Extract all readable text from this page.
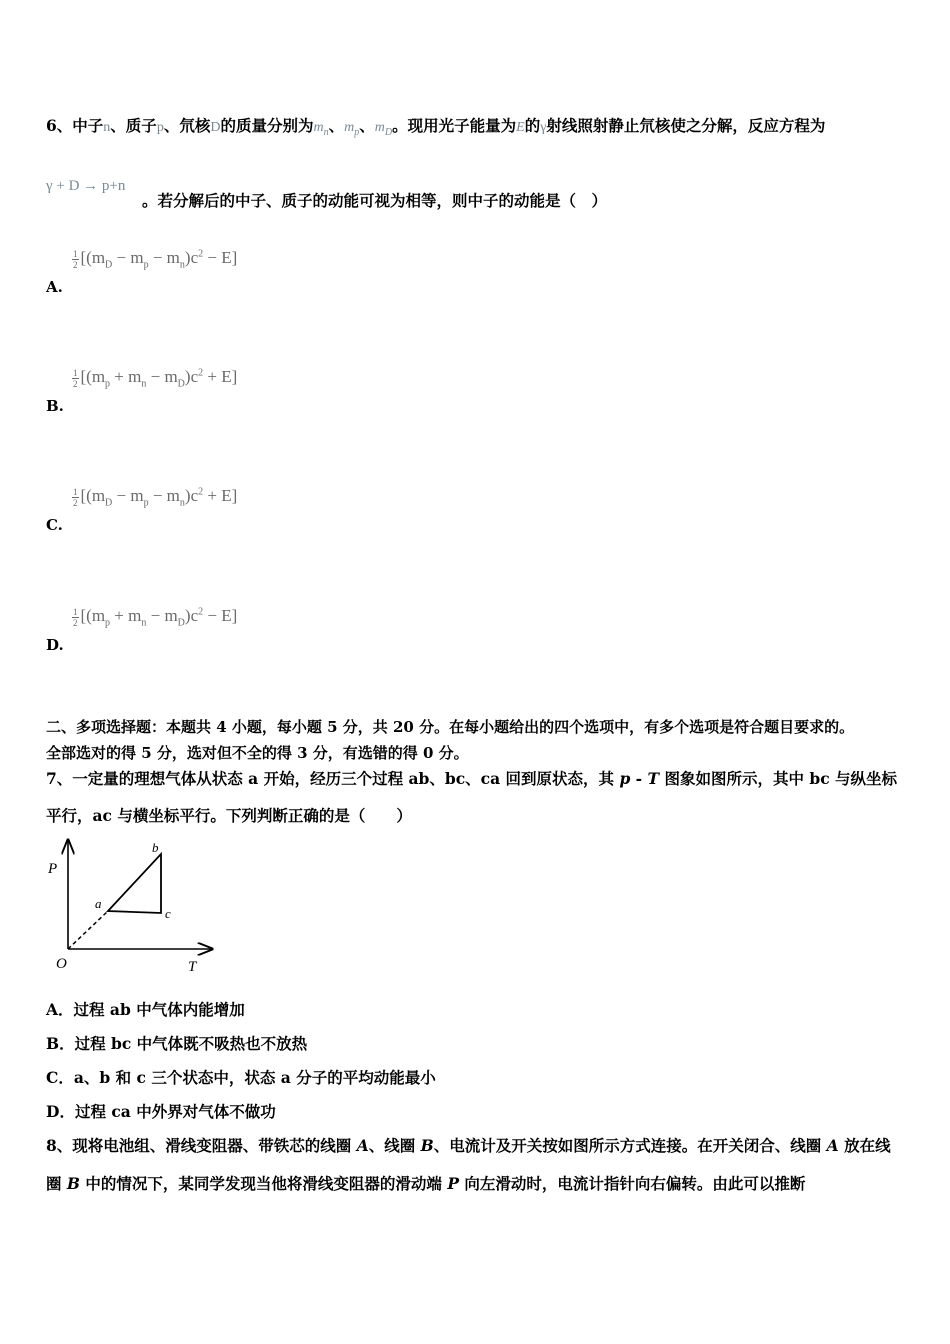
6、中子n、质子p、氘核D的质量分别为$m_n$、$m_p$、$m_D$。现用光子能量为E的γ射线照射静止氘核使之分解，反应方程为
γ + D → p+n
。若分解后的中子、质子的动能可视为相等，则中子的动能是（　）
$\frac{1}{2} [(m_D - m_p - m_n)c^2 - E]$
A.
$\frac{1}{2} [(m_p + m_n - m_D)c^2 + E]$
B.
$\frac{1}{2} [(m_D - m_p - m_n)c^2 + E]$
C.
$\frac{1}{2} [(m_p + m_n - m_D)c^2 - E]$
D.
二、多项选择题：本题共 4 小题，每小题 5 分，共 20 分。在每小题给出的四个选项中，有多个选项是符合题目要求的。
全部选对的得 5 分，选对但不全的得 3 分，有选错的得 0 分。
7、一定量的理想气体从状态 a 开始，经历三个过程 ab、bc、ca 回到原状态，其 p - T 图象如图所示，其中 bc 与纵坐标
平行，ac 与横坐标平行。下列判断正确的是（　　）
P
T
O
a
b
c
A．过程 ab 中气体内能增加
B．过程 bc 中气体既不吸热也不放热
C．a、b 和 c 三个状态中，状态 a 分子的平均动能最小
D．过程 ca 中外界对气体不做功
8、现将电池组、滑线变阻器、带铁芯的线圈 A、线圈 B、电流计及开关按如图所示方式连接。在开关闭合、线圈 A 放在线
圈 B 中的情况下，某同学发现当他将滑线变阻器的滑动端 P 向左滑动时，电流计指针向右偏转。由此可以推断
